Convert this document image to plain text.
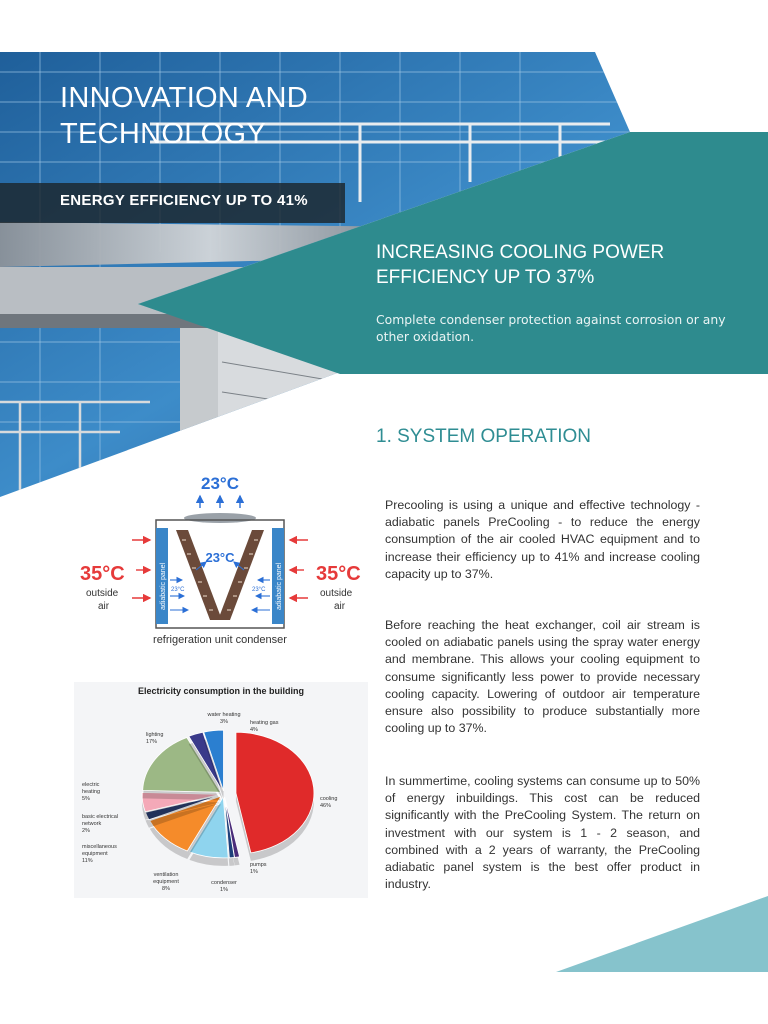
INNOVATION AND
TECHNOLOGY
ENERGY EFFICIENCY UP TO 41%
INCREASING COOLING POWER
EFFICIENCY UP TO 37%
Complete condenser protection against corrosion or any other oxidation.
1. SYSTEM OPERATION

Precooling is using a unique and effective technology - adiabatic panels PreCooling - to reduce the energy consumption of the air cooled HVAC equipment and to increase their efficiency up to 41% and increase cooling capacity up to 37%.

Before reaching the heat exchanger, coil air stream is cooled on adiabatic panels using the spray water energy and membrane. This allows your cooling equipment to consume significantly less power to provide necessary cooling capacity. Lowering of outdoor air temperature ensure also possibility to produce substantially more cooling up to 37%.

In summertime, cooling systems can consume up to 50% of energy inbuildings. This cost can be reduced significantly with the PreCooling System. The return on investment with our system is 1 - 2 season, and combined with a 2 years of warranty, the PreCooling adiabatic panel system is the best offer product in industry.

23°C
adiabatic panel	adiabatic panel
23°C
23°C	23°C
35°C
outside
air
35°C
outside
air
refrigeration unit condenser
Electricity consumption in the building
cooling
46%
pumps
1%
condenser
1%
ventilation
equipment
8%
miscellaneous
equipment
11%
basic electrical
network
2%
electric
heating
5%
lighting
17%
water heating
3%	heating gas
4%
